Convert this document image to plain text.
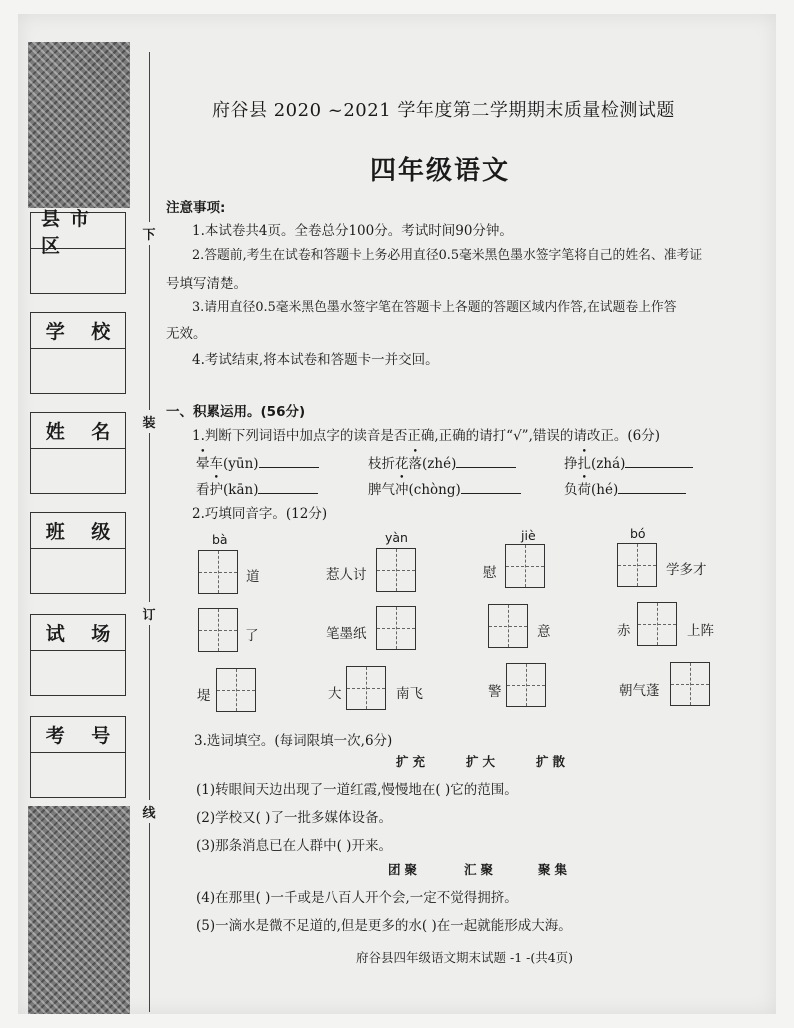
县市区
学 校
姓 名
班 级
试 场
考 号
下
装
订
线
府谷县 2020 ~2021 学年度第二学期期末质量检测试题
四年级语文
注意事项:
1.本试卷共4页。全卷总分100分。考试时间90分钟。
2.答题前,考生在试卷和答题卡上务必用直径0.5毫米黑色墨水签字笔将自己的姓名、准考证
号填写清楚。
3.请用直径0.5毫米黑色墨水签字笔在答题卡上各题的答题区域内作答,在试题卷上作答
无效。
4.考试结束,将本试卷和答题卡一并交回。
一、积累运用。(56分)
1.判断下列词语中加点字的读音是否正确,正确的请打“√”,错误的请改正。(6分)
晕车(yūn)	枝折花落(zhé)	挣扎(zhá)
看护(kān)	脾气冲(chòng)	负荷(hé)
2.巧填同音字。(12分)
bà	yàn	jiè	bó
道	惹人讨	慰	学多才
了	笔墨纸	意	赤	上阵
堤	大	南飞	警	朝气蓬
3.选词填空。(每词限填一次,6分)
扩充	扩大	扩散
(1)转眼间天边出现了一道红霞,慢慢地在( )它的范围。
(2)学校又( )了一批多媒体设备。
(3)那条消息已在人群中( )开来。
团聚	汇聚	聚集
(4)在那里( )一千或是八百人开个会,一定不觉得拥挤。
(5)一滴水是微不足道的,但是更多的水( )在一起就能形成大海。
府谷县四年级语文期末试题 -1 -(共4页)
